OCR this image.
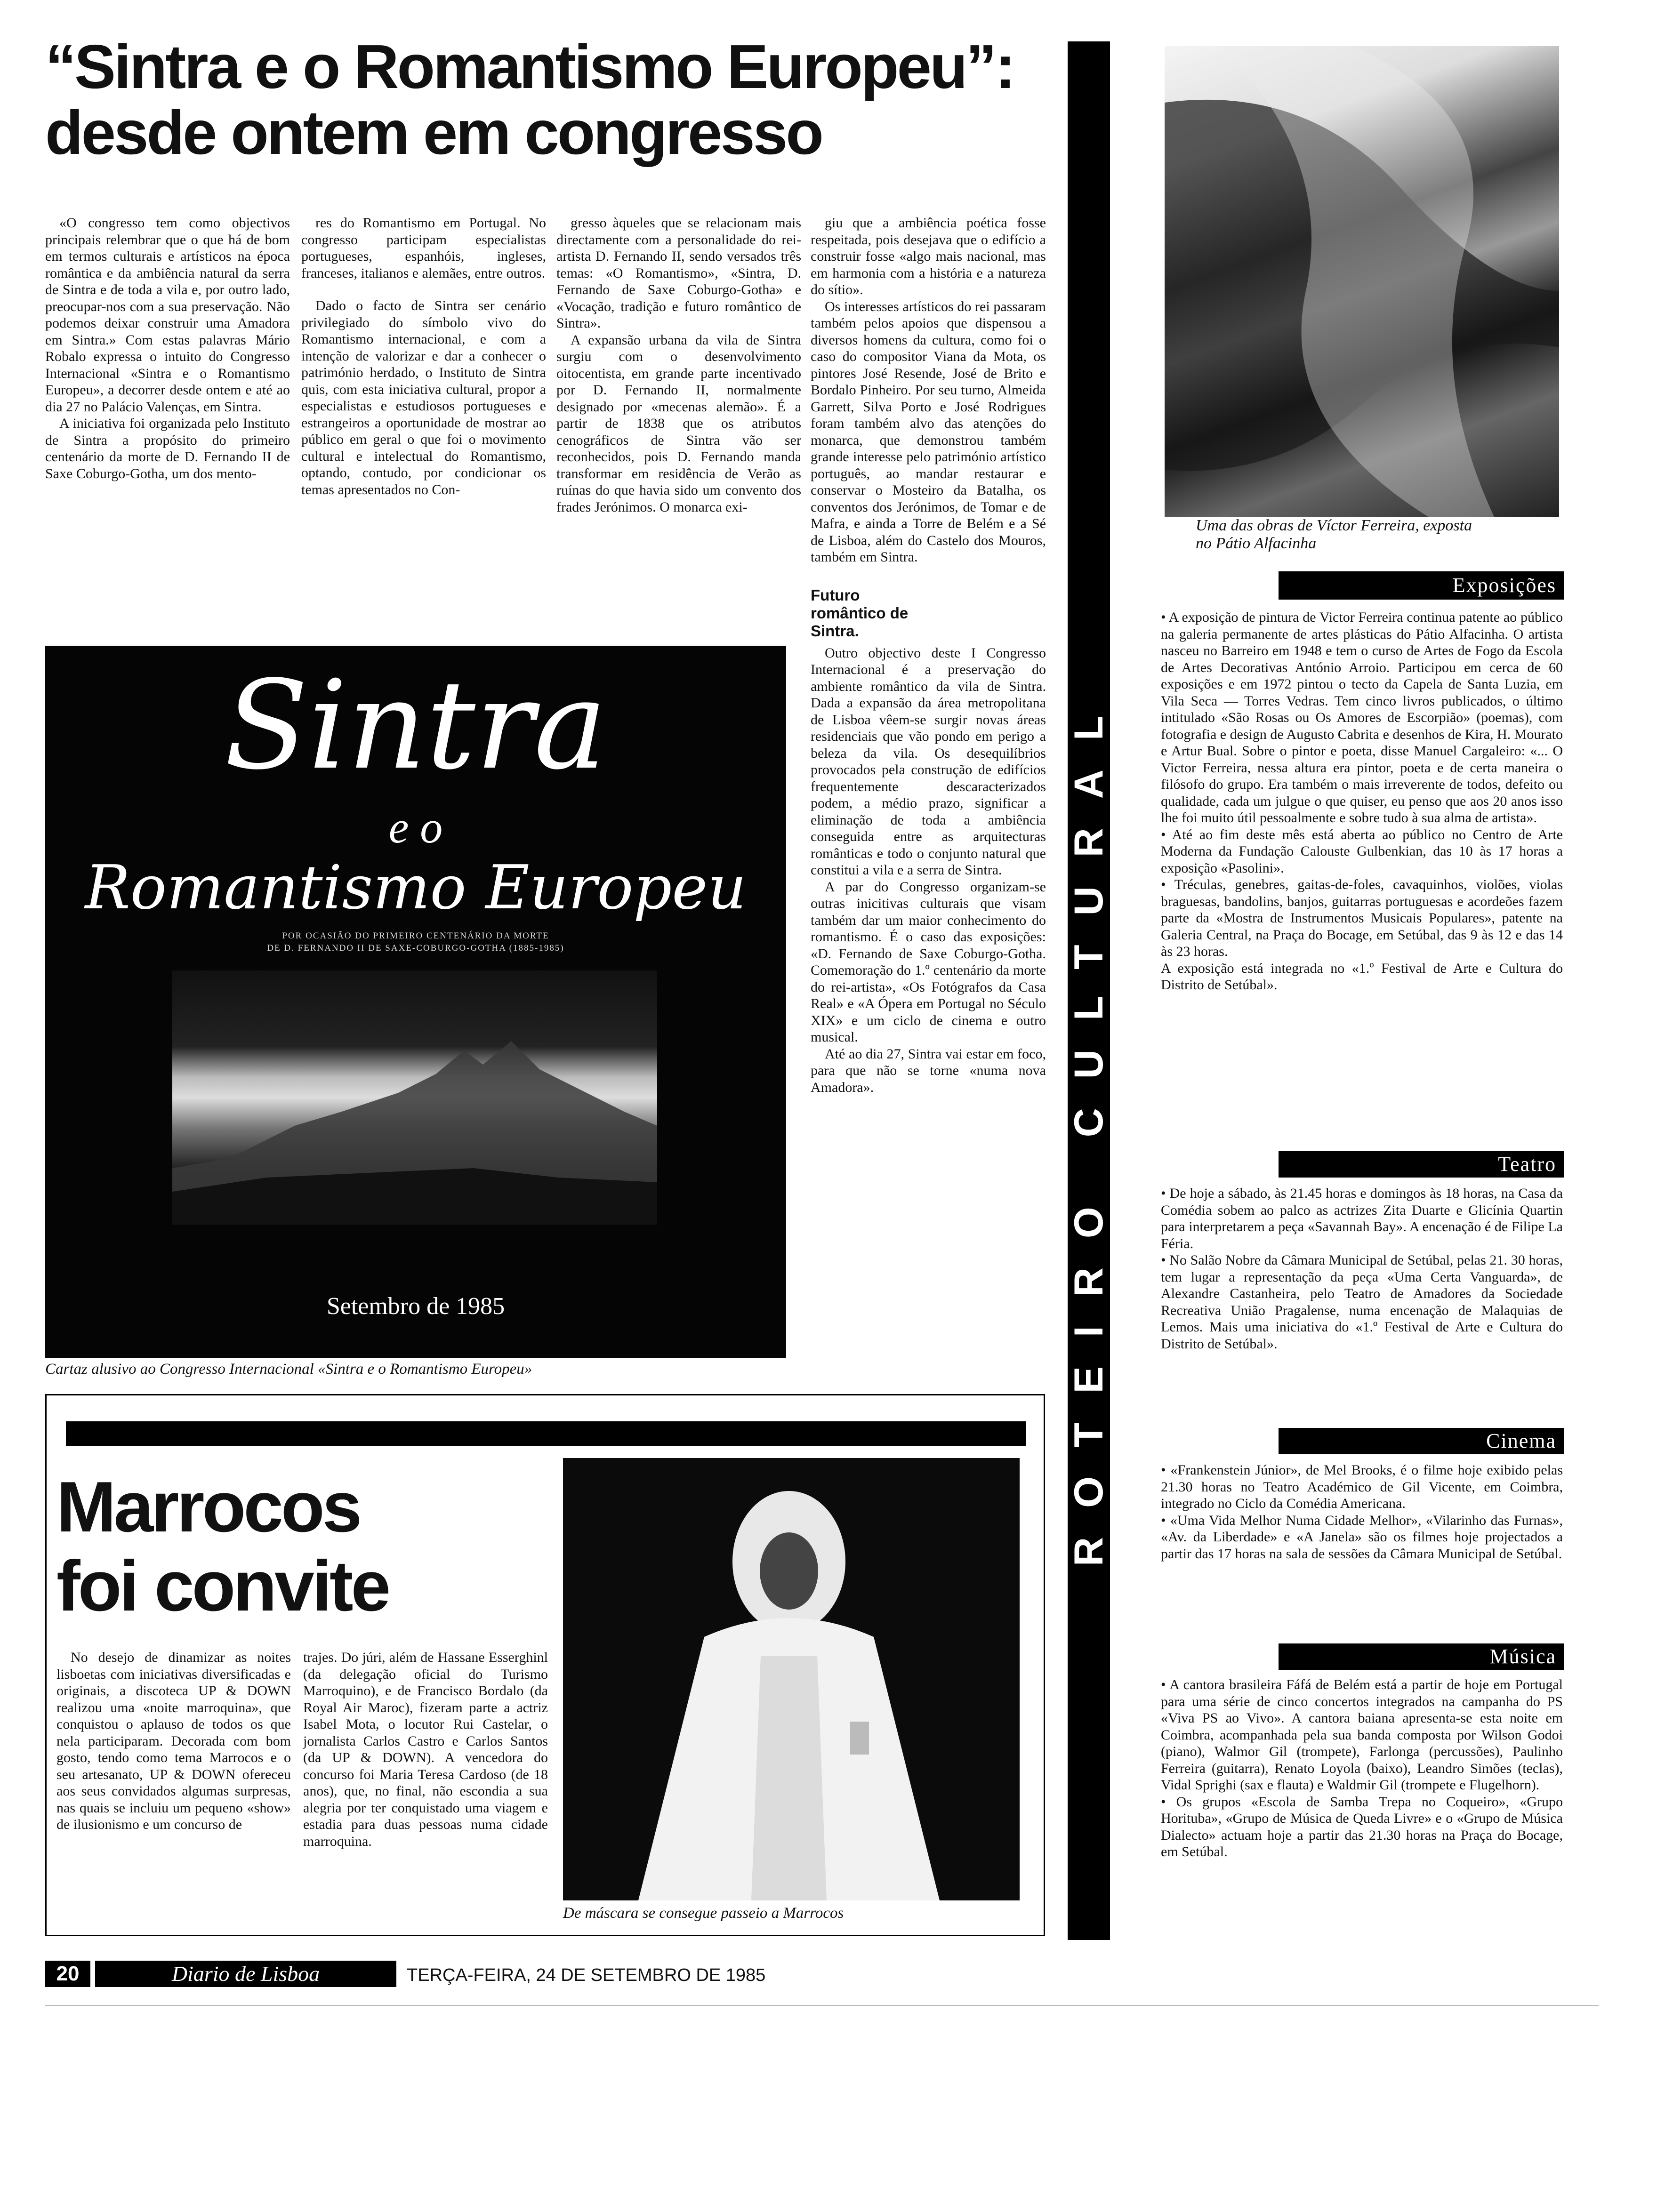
“Sintra e o Romantismo Europeu”:
desde ontem em congresso

«O congresso tem como objectivos principais relembrar que o que há de bom em termos culturais e artísticos na época romântica e da ambiência natural da serra de Sintra e de toda a vila e, por outro lado, preocupar-nos com a sua preservação. Não podemos deixar construir uma Amadora em Sintra.» Com estas palavras Mário Robalo expressa o intuito do Congresso Internacional «Sintra e o Romantismo Europeu», a decorrer desde ontem e até ao dia 27 no Palácio Valenças, em Sintra.

A iniciativa foi organizada pelo Instituto de Sintra a propósito do primeiro centenário da morte de D. Fernando II de Saxe Coburgo-Gotha, um dos mento-

res do Romantismo em Portugal. No congresso participam especialistas portugueses, espanhóis, ingleses, franceses, italianos e alemães, entre outros.

Dado o facto de Sintra ser cenário privilegiado do símbolo vivo do Romantismo internacional, e com a intenção de valorizar e dar a conhecer o património herdado, o Instituto de Sintra quis, com esta iniciativa cultural, propor a especialistas e estudiosos portugueses e estrangeiros a oportunidade de mostrar ao público em geral o que foi o movimento cultural e intelectual do Romantismo, optando, contudo, por condicionar os temas apresentados no Con-

gresso àqueles que se relacionam mais directamente com a personalidade do rei-artista D. Fernando II, sendo versados três temas: «O Romantismo», «Sintra, D. Fernando de Saxe Coburgo-Gotha» e «Vocação, tradição e futuro romântico de Sintra».

A expansão urbana da vila de Sintra surgiu com o desenvolvimento oitocentista, em grande parte incentivado por D. Fernando II, normalmente designado por «mecenas alemão». É a partir de 1838 que os atributos cenográficos de Sintra vão ser reconhecidos, pois D. Fernando manda transformar em residência de Verão as ruínas do que havia sido um convento dos frades Jerónimos. O monarca exi-

giu que a ambiência poética fosse respeitada, pois desejava que o edifício a construir fosse «algo mais nacional, mas em harmonia com a história e a natureza do sítio».

Os interesses artísticos do rei passaram também pelos apoios que dispensou a diversos homens da cultura, como foi o caso do compositor Viana da Mota, os pintores José Resende, José de Brito e Bordalo Pinheiro. Por seu turno, Almeida Garrett, Silva Porto e José Rodrigues foram também alvo das atenções do monarca, que demonstrou também grande interesse pelo património artístico português, ao mandar restaurar e conservar o Mosteiro da Batalha, os conventos dos Jerónimos, de Tomar e de Mafra, e ainda a Torre de Belém e a Sé de Lisboa, além do Castelo dos Mouros, também em Sintra.

Futuro romântico de Sintra.

Outro objectivo deste I Congresso Internacional é a preservação do ambiente romântico da vila de Sintra. Dada a expansão da área metropolitana de Lisboa vêem-se surgir novas áreas residenciais que vão pondo em perigo a beleza da vila. Os desequilíbrios provocados pela construção de edifícios frequentemente descaracterizados podem, a médio prazo, significar a eliminação de toda a ambiência conseguida entre as arquitecturas românticas e todo o conjunto natural que constitui a vila e a serra de Sintra.

A par do Congresso organizam-se outras inicitivas culturais que visam também dar um maior conhecimento do romantismo. É o caso das exposições: «D. Fernando de Saxe Coburgo-Gotha. Comemoração do 1.º centenário da morte do rei-artista», «Os Fotógrafos da Casa Real» e «A Ópera em Portugal no Século XIX» e um ciclo de cinema e outro musical.

Até ao dia 27, Sintra vai estar em foco, para que não se torne «numa nova Amadora».

Sintra
e o
Romantismo Europeu
POR OCASIÃO DO PRIMEIRO CENTENÁRIO DA MORTE
DE D. FERNANDO II DE SAXE-COBURGO-GOTHA (1885-1985)
Setembro de 1985
Cartaz alusivo ao Congresso Internacional «Sintra e o Romantismo Europeu»
Marrocos
foi convite

No desejo de dinamizar as noites lisboetas com iniciativas diversificadas e originais, a discoteca UP & DOWN realizou uma «noite marroquina», que conquistou o aplauso de todos os que nela participaram. Decorada com bom gosto, tendo como tema Marrocos e o seu artesanato, UP & DOWN ofereceu aos seus convidados algumas surpresas, nas quais se incluiu um pequeno «show» de ilusionismo e um concurso de

trajes. Do júri, além de Hassane Esserghinl (da delegação oficial do Turismo Marroquino), e de Francisco Bordalo (da Royal Air Maroc), fizeram parte a actriz Isabel Mota, o locutor Rui Castelar, o jornalista Carlos Castro e Carlos Santos (da UP & DOWN). A vencedora do concurso foi Maria Teresa Cardoso (de 18 anos), que, no final, não escondia a sua alegria por ter conquistado uma viagem e estadia para duas pessoas numa cidade marroquina.

De máscara se consegue passeio a Marrocos
ROTEIRO CULTURAL
Uma das obras de Víctor Ferreira, exposta
no Pátio Alfacinha
Exposições

• A exposição de pintura de Victor Ferreira continua patente ao público na galeria permanente de artes plásticas do Pátio Alfacinha. O artista nasceu no Barreiro em 1948 e tem o curso de Artes de Fogo da Escola de Artes Decorativas António Arroio. Participou em cerca de 60 exposições e em 1972 pintou o tecto da Capela de Santa Luzia, em Vila Seca — Torres Vedras. Tem cinco livros publicados, o último intitulado «São Rosas ou Os Amores de Escorpião» (poemas), com fotografia e design de Augusto Cabrita e desenhos de Kira, H. Mourato e Artur Bual. Sobre o pintor e poeta, disse Manuel Cargaleiro: «... O Victor Ferreira, nessa altura era pintor, poeta e de certa maneira o filósofo do grupo. Era também o mais irreverente de todos, defeito ou qualidade, cada um julgue o que quiser, eu penso que aos 20 anos isso lhe foi muito útil pessoalmente e sobre tudo à sua alma de artista».

• Até ao fim deste mês está aberta ao público no Centro de Arte Moderna da Fundação Calouste Gulbenkian, das 10 às 17 horas a exposição «Pasolini».

• Tréculas, genebres, gaitas-de-foles, cavaquinhos, violões, violas braguesas, bandolins, banjos, guitarras portuguesas e acordeões fazem parte da «Mostra de Instrumentos Musicais Populares», patente na Galeria Central, na Praça do Bocage, em Setúbal, das 9 às 12 e das 14 às 23 horas.

A exposição está integrada no «1.º Festival de Arte e Cultura do Distrito de Setúbal».

Teatro

• De hoje a sábado, às 21.45 horas e domingos às 18 horas, na Casa da Comédia sobem ao palco as actrizes Zita Duarte e Glicínia Quartin para interpretarem a peça «Savannah Bay». A encenação é de Filipe La Féria.

• No Salão Nobre da Câmara Municipal de Setúbal, pelas 21. 30 horas, tem lugar a representação da peça «Uma Certa Vanguarda», de Alexandre Castanheira, pelo Teatro de Amadores da Sociedade Recreativa União Pragalense, numa encenação de Malaquias de Lemos. Mais uma iniciativa do «1.º Festival de Arte e Cultura do Distrito de Setúbal».

Cinema

• «Frankenstein Júnior», de Mel Brooks, é o filme hoje exibido pelas 21.30 horas no Teatro Académico de Gil Vicente, em Coimbra, integrado no Ciclo da Comédia Americana.

• «Uma Vida Melhor Numa Cidade Melhor», «Vilarinho das Furnas», «Av. da Liberdade» e «A Janela» são os filmes hoje projectados a partir das 17 horas na sala de sessões da Câmara Municipal de Setúbal.

Música

• A cantora brasileira Fáfá de Belém está a partir de hoje em Portugal para uma série de cinco concertos integrados na campanha do PS «Viva PS ao Vivo». A cantora baiana apresenta-se esta noite em Coimbra, acompanhada pela sua banda composta por Wilson Godoi (piano), Walmor Gil (trompete), Farlonga (percussões), Paulinho Ferreira (guitarra), Renato Loyola (baixo), Leandro Simões (teclas), Vidal Sprighi (sax e flauta) e Waldmir Gil (trompete e Flugelhorn).

• Os grupos «Escola de Samba Trepa no Coqueiro», «Grupo Horituba», «Grupo de Música de Queda Livre» e o «Grupo de Música Dialecto» actuam hoje a partir das 21.30 horas na Praça do Bocage, em Setúbal.

20	Diario de Lisboa	TERÇA-FEIRA, 24 DE SETEMBRO DE 1985
